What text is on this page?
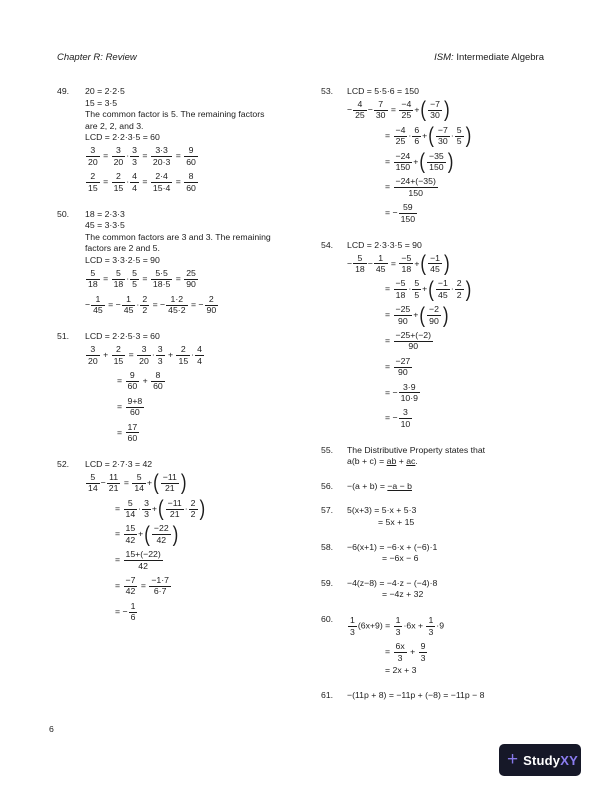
Chapter R: Review	ISM: Intermediate Algebra
49.	20 = 2·2·5
15 = 3·5
The common factor is 5. The remaining factors
are 2, 2, and 3.
LCD = 2·2·3·5 = 60
$\frac{3}{20} = \frac{3}{20} \cdot \frac{3}{3} = \frac{3\cdot 3}{20\cdot 3} = \frac{9}{60}$
$\frac{2}{15} = \frac{2}{15} \cdot \frac{4}{4} = \frac{2\cdot 4}{15\cdot 4} = \frac{8}{60}$
50.	18 = 2·3·3
45 = 3·3·5
The common factors are 3 and 3. The remaining
factors are 2 and 5.
LCD = 3·3·2·5 = 90
$\frac{5}{18} = \frac{5}{18} \cdot \frac{5}{5} = \frac{5\cdot 5}{18\cdot 5} = \frac{25}{90}$
− $\frac{1}{45}$ = − $\frac{1}{45} \cdot \frac{2}{2}$ = − $\frac{1\cdot 2}{45\cdot 2}$ = − $\frac{2}{90}$
51.	LCD = 2·2·5·3 = 60
$\frac{3}{20} + \frac{2}{15} = \frac{3}{20} \cdot \frac{3}{3} + \frac{2}{15} \cdot \frac{4}{4}$
= $\frac{9}{60} + \frac{8}{60}$
= $\frac{9+8}{60}$
= $\frac{17}{60}$
52.	LCD = 2·7·3 = 42
$\frac{5}{14} - \frac{11}{21} = \frac{5}{14}$ +( $\frac{-11}{21}$ )
= $\frac{5}{14} \cdot \frac{3}{3}$ +( $\frac{-11}{21} \cdot \frac{2}{2}$ )
= $\frac{15}{42}$ +( $\frac{-22}{42}$ )
= $\frac{15+(-22)}{42}$
= $\frac{-7}{42} = \frac{-1\cdot 7}{6\cdot 7}$
= − $\frac{1}{6}$
53.	LCD = 5·5·6 = 150
− $\frac{4}{25} - \frac{7}{30} = \frac{-4}{25}$ +( $\frac{-7}{30}$ )
= $\frac{-4}{25} \cdot \frac{6}{6}$ +( $\frac{-7}{30} \cdot \frac{5}{5}$ )
= $\frac{-24}{150}$ +( $\frac{-35}{150}$ )
= $\frac{-24+(-35)}{150}$
= − $\frac{59}{150}$
54.	LCD = 2·3·3·5 = 90
− $\frac{5}{18} - \frac{1}{45} = \frac{-5}{18}$ +( $\frac{-1}{45}$ )
= $\frac{-5}{18} \cdot \frac{5}{5}$ +( $\frac{-1}{45} \cdot \frac{2}{2}$ )
= $\frac{-25}{90}$ +( $\frac{-2}{90}$ )
= $\frac{-25+(-2)}{90}$
= $\frac{-27}{90}$
= − $\frac{3\cdot 9}{10\cdot 9}$
= − $\frac{3}{10}$
55.	The Distributive Property states that
a(b + c) = ab + ac.
56.	−(a + b) = −a − b
57.	5(x+3) = 5·x + 5·3
= 5x + 15
58.	−6(x+1) = −6·x + (−6)·1
= −6x − 6
59.	−4(z−8) = −4·z − (−4)·8
= −4z + 32
60.	$\frac{1}{3} (6x+9) = \frac{1}{3} \cdot 6x + \frac{1}{3} \cdot 9$
= $\frac{6x}{3} + \frac{9}{3}$
= 2x + 3
61.	−(11p + 8) = −11p + (−8) = −11p − 8
6
+ StudyXY
